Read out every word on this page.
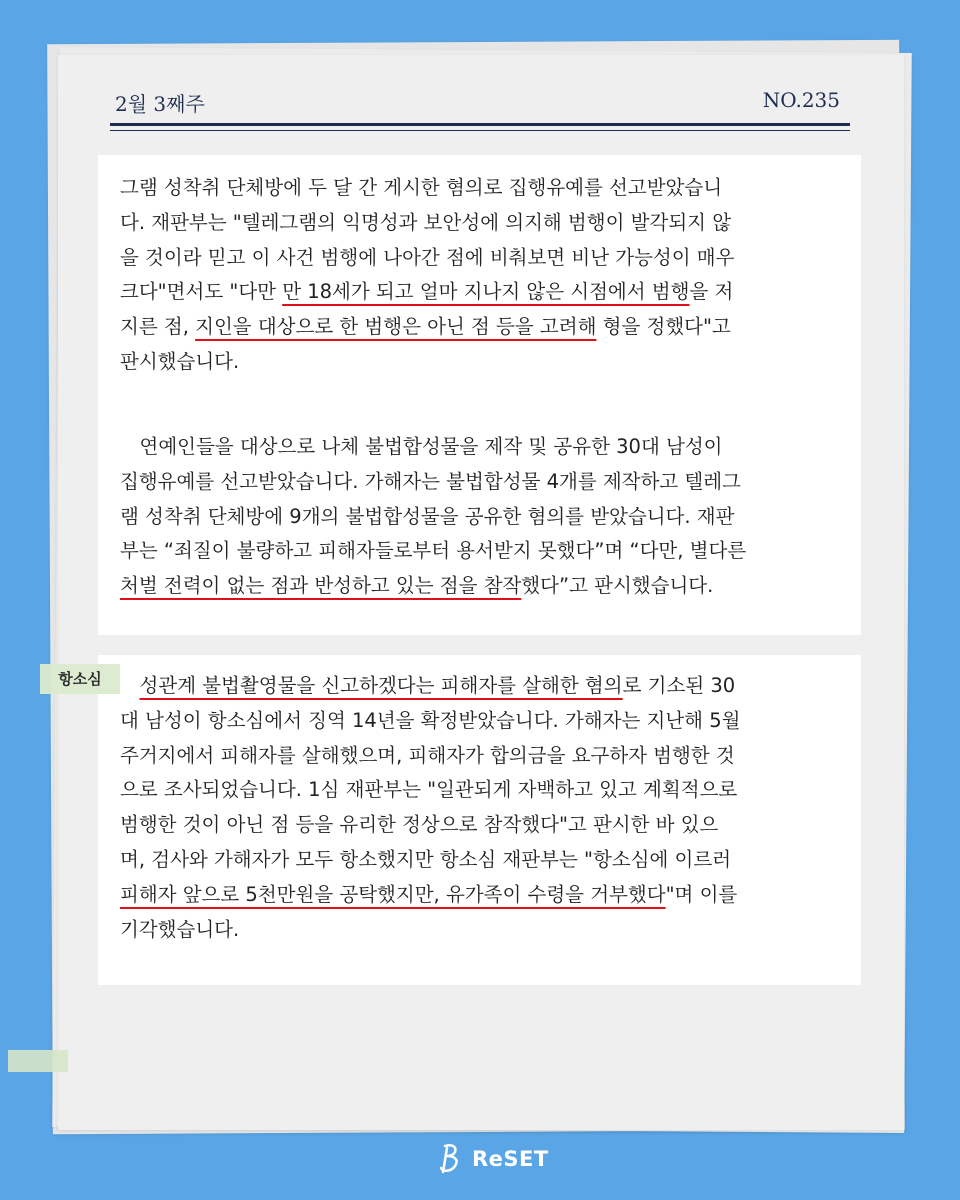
2월 3째주	NO.235

그램 성착취 단체방에 두 달 간 게시한 혐의로 집행유예를 선고받았습니
다. 재판부는 "텔레그램의 익명성과 보안성에 의지해 범행이 발각되지 않
을 것이라 믿고 이 사건 범행에 나아간 점에 비춰보면 비난 가능성이 매우
크다"면서도 "다만 만 18세가 되고 얼마 지나지 않은 시점에서 범행을 저
지른 점, 지인을 대상으로 한 범행은 아닌 점 등을 고려해 형을 정했다"고
판시했습니다.

　연예인들을 대상으로 나체 불법합성물을 제작 및 공유한 30대 남성이
집행유예를 선고받았습니다. 가해자는 불법합성물 4개를 제작하고 텔레그
램 성착취 단체방에 9개의 불법합성물을 공유한 혐의를 받았습니다. 재판
부는 “죄질이 불량하고 피해자들로부터 용서받지 못했다”며 “다만, 별다른
처벌 전력이 없는 점과 반성하고 있는 점을 참작했다”고 판시했습니다.

　성관계 불법촬영물을 신고하겠다는 피해자를 살해한 혐의로 기소된 30
대 남성이 항소심에서 징역 14년을 확정받았습니다. 가해자는 지난해 5월
주거지에서 피해자를 살해했으며, 피해자가 합의금을 요구하자 범행한 것
으로 조사되었습니다. 1심 재판부는 "일관되게 자백하고 있고 계획적으로
범행한 것이 아닌 점 등을 유리한 정상으로 참작했다"고 판시한 바 있으
며, 검사와 가해자가 모두 항소했지만 항소심 재판부는 "항소심에 이르러
피해자 앞으로 5천만원을 공탁했지만, 유가족이 수령을 거부했다"며 이를
기각했습니다.

항소심
ReSET
